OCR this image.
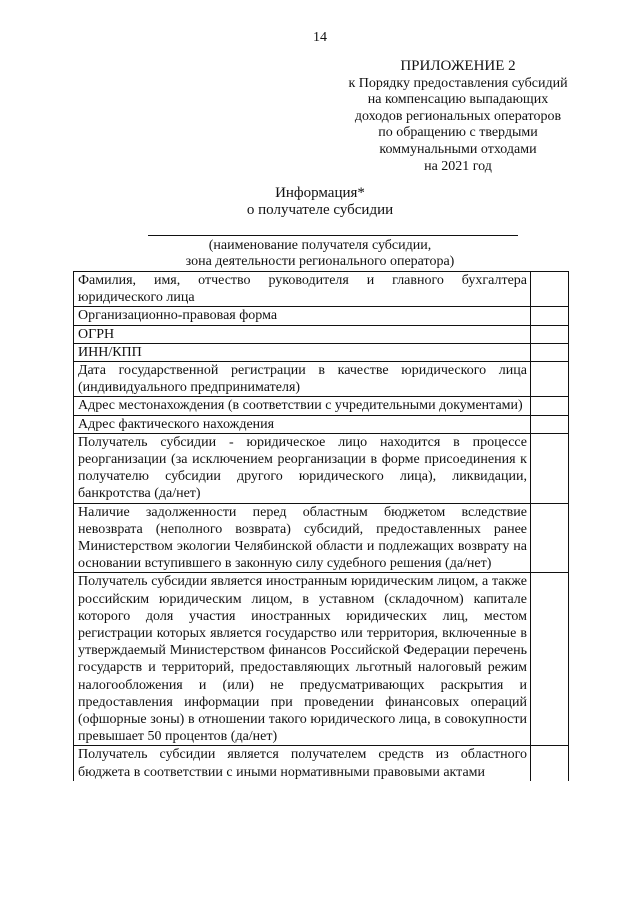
14
ПРИЛОЖЕНИЕ 2
к Порядку предоставления субсидий
на компенсацию выпадающих
доходов региональных операторов
по обращению с твердыми
коммунальными отходами
на 2021 год
Информация*
о получателе субсидии
(наименование получателя субсидии,
зона деятельности регионального оператора)
Фамилия, имя, отчество руководителя и главного бухгалтера юридического лица	
Организационно-правовая форма	
ОГРН	
ИНН/КПП	
Дата государственной регистрации в качестве юридического лица (индивидуального предпринимателя)	
Адрес местонахождения (в соответствии с учредительными документами)	
Адрес фактического нахождения	
Получатель субсидии - юридическое лицо находится в процессе реорганизации (за исключением реорганизации в форме присоединения к получателю субсидии другого юридического лица), ликвидации, банкротства (да/нет)	
Наличие задолженности перед областным бюджетом вследствие невозврата (неполного возврата) субсидий, предоставленных ранее Министерством экологии Челябинской области и подлежащих возврату на основании вступившего в законную силу судебного решения (да/нет)	
Получатель субсидии является иностранным юридическим лицом, а также российским юридическим лицом, в уставном (складочном) капитале которого доля участия иностранных юридических лиц, местом регистрации которых является государство или территория, включенные в утверждаемый Министерством финансов Российской Федерации перечень государств и территорий, предоставляющих льготный налоговый режим налогообложения и (или) не предусматривающих раскрытия и предоставления информации при проведении финансовых операций (офшорные зоны) в отношении такого юридического лица, в совокупности превышает 50 процентов (да/нет)	
Получатель субсидии является получателем средств из областного бюджета в соответствии с иными нормативными правовыми актами	
